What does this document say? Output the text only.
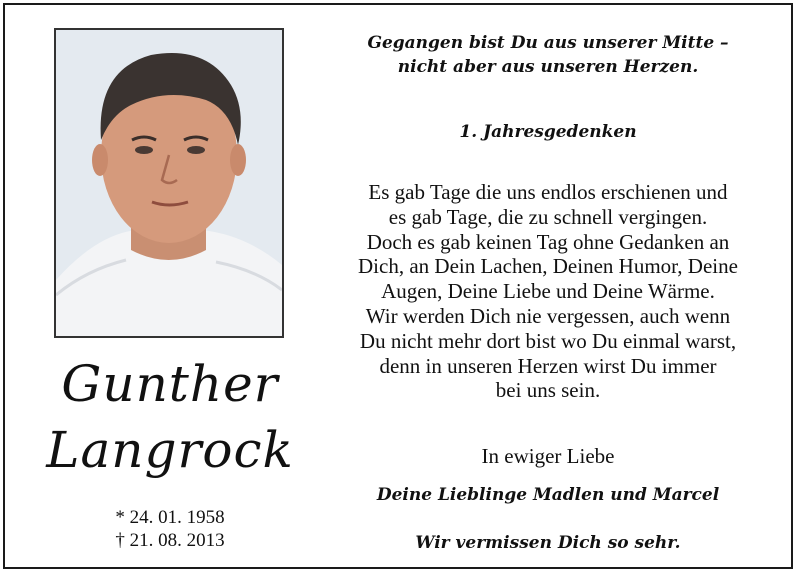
Gunther
Langrock
* 24. 01. 1958
† 21. 08. 2013
Gegangen bist Du aus unserer Mitte –
nicht aber aus unseren Herzen.
1. Jahresgedenken
Es gab Tage die uns endlos erschienen und
es gab Tage, die zu schnell vergingen.
Doch es gab keinen Tag ohne Gedanken an
Dich, an Dein Lachen, Deinen Humor, Deine
Augen, Deine Liebe und Deine Wärme.
Wir werden Dich nie vergessen, auch wenn
Du nicht mehr dort bist wo Du einmal warst,
denn in unseren Herzen wirst Du immer
bei uns sein.
In ewiger Liebe
Deine Lieblinge Madlen und Marcel
Wir vermissen Dich so sehr.
